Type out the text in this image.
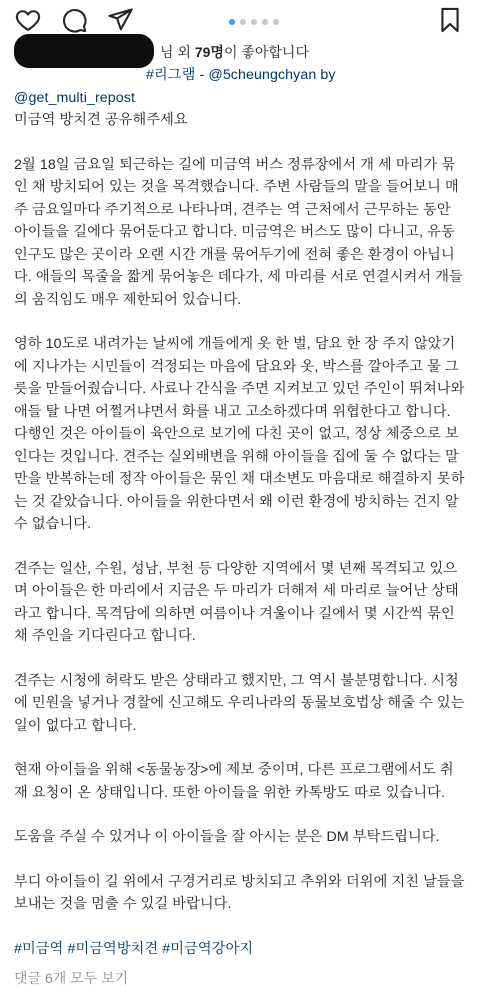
님 외 79명이 좋아합니다

#리그램 - @5cheungchyan by

@get_multi_repost

미금역 방치견 공유해주세요

2월 18일 금요일 퇴근하는 길에 미금역 버스 정류장에서 개 세 마리가 묶인 채 방치되어 있는 것을 목격했습니다. 주변 사람들의 말을 들어보니 매주 금요일마다 주기적으로 나타나며, 견주는 역 근처에서 근무하는 동안 아이들을 길에다 묶어둔다고 합니다. 미금역은 버스도 많이 다니고, 유동인구도 많은 곳이라 오랜 시간 개를 묶어두기에 전혀 좋은 환경이 아닙니다. 애들의 목줄을 짧게 묶어놓은 데다가, 세 마리를 서로 연결시켜서 개들의 움직임도 매우 제한되어 있습니다.

영하 10도로 내려가는 날씨에 개들에게 옷 한 벌, 담요 한 장 주지 않았기에 지나가는 시민들이 걱정되는 마음에 담요와 옷, 박스를 깔아주고 물 그릇을 만들어줬습니다. 사료나 간식을 주면 지켜보고 있던 주인이 뛰쳐나와 애들 탈 나면 어쩔거냐면서 화를 내고 고소하겠다며 위협한다고 합니다. 다행인 것은 아이들이 육안으로 보기에 다친 곳이 없고, 정상 체중으로 보인다는 것입니다. 견주는 실외배변을 위해 아이들을 집에 둘 수 없다는 말만을 반복하는데 정작 아이들은 묶인 채 대소변도 마음대로 해결하지 못하는 것 같았습니다. 아이들을 위한다면서 왜 이런 환경에 방치하는 건지 알 수 없습니다.

견주는 일산, 수원, 성남, 부천 등 다양한 지역에서 몇 년째 목격되고 있으며 아이들은 한 마리에서 지금은 두 마리가 더해져 세 마리로 늘어난 상태라고 합니다. 목격담에 의하면 여름이나 겨울이나 길에서 몇 시간씩 묶인 채 주인을 기다린다고 합니다.

견주는 시청에 허락도 받은 상태라고 했지만, 그 역시 불분명합니다. 시청에 민원을 넣거나 경찰에 신고해도 우리나라의 동물보호법상 해줄 수 있는 일이 없다고 합니다.

현재 아이들을 위해 <동물농장>에 제보 중이며, 다른 프로그램에서도 취재 요청이 온 상태입니다. 또한 아이들을 위한 카톡방도 따로 있습니다.

도움을 주실 수 있거나 이 아이들을 잘 아시는 분은 DM 부탁드립니다.

부디 아이들이 길 위에서 구경거리로 방치되고 추위와 더위에 지친 날들을 보내는 것을 멈출 수 있길 바랍니다.

#미금역 #미금역방치견 #미금역강아지

댓글 6개 모두 보기
